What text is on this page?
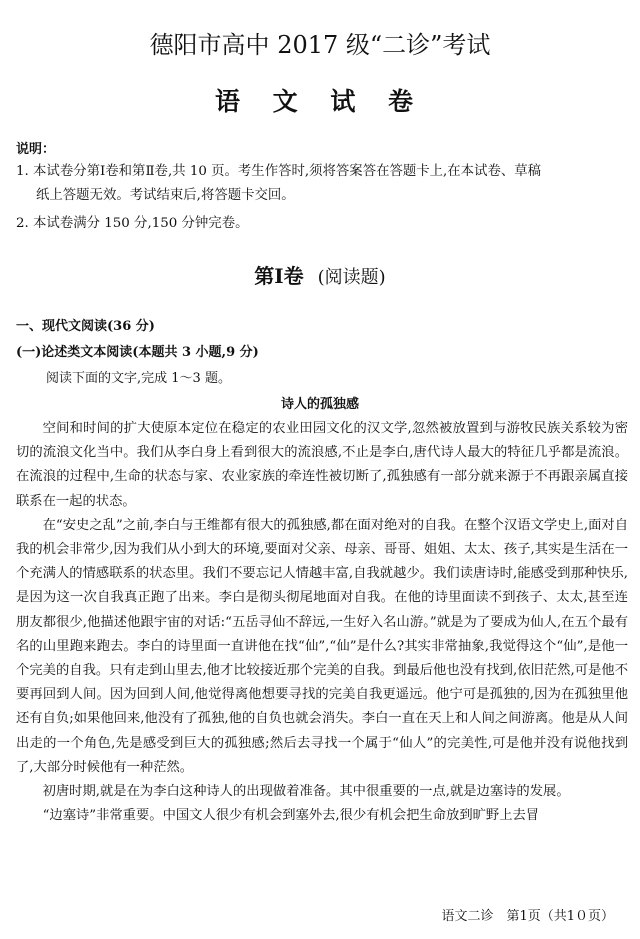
德阳市高中 2017 级“二诊”考试
语 文 试 卷
说明：
1. 本试卷分第Ⅰ卷和第Ⅱ卷,共 10 页。考生作答时,须将答案答在答题卡上,在本试卷、草稿
纸上答题无效。考试结束后,将答题卡交回。
2. 本试卷满分 150 分,150 分钟完卷。
第Ⅰ卷 (阅读题)
一、现代文阅读(36 分)
(一)论述类文本阅读(本题共 3 小题,9 分)
阅读下面的文字,完成 1～3 题。
诗人的孤独感

空间和时间的扩大使原本定位在稳定的农业田园文化的汉文学,忽然被放置到与游牧民族关系较为密切的流浪文化当中。我们从李白身上看到很大的流浪感,不止是李白,唐代诗人最大的特征几乎都是流浪。在流浪的过程中,生命的状态与家、农业家族的牵连性被切断了,孤独感有一部分就来源于不再跟亲属直接联系在一起的状态。

在“安史之乱”之前,李白与王维都有很大的孤独感,都在面对绝对的自我。在整个汉语文学史上,面对自我的机会非常少,因为我们从小到大的环境,要面对父亲、母亲、哥哥、姐姐、太太、孩子,其实是生活在一个充满人的情感联系的状态里。我们不要忘记人情越丰富,自我就越少。我们读唐诗时,能感受到那种快乐,是因为这一次自我真正跑了出来。李白是彻头彻尾地面对自我。在他的诗里面读不到孩子、太太,甚至连朋友都很少,他描述他跟宇宙的对话:“五岳寻仙不辞远,一生好入名山游。”就是为了要成为仙人,在五个最有名的山里跑来跑去。李白的诗里面一直讲他在找“仙”,“仙”是什么?其实非常抽象,我觉得这个“仙”,是他一个完美的自我。只有走到山里去,他才比较接近那个完美的自我。到最后他也没有找到,依旧茫然,可是他不要再回到人间。因为回到人间,他觉得离他想要寻找的完美自我更遥远。他宁可是孤独的,因为在孤独里他还有自负;如果他回来,他没有了孤独,他的自负也就会消失。李白一直在天上和人间之间游离。他是从人间出走的一个角色,先是感受到巨大的孤独感;然后去寻找一个属于“仙人”的完美性,可是他并没有说他找到了,大部分时候他有一种茫然。

初唐时期,就是在为李白这种诗人的出现做着准备。其中很重要的一点,就是边塞诗的发展。

“边塞诗”非常重要。中国文人很少有机会到塞外去,很少有机会把生命放到旷野上去冒

语文二诊　第1页（共1０页）
